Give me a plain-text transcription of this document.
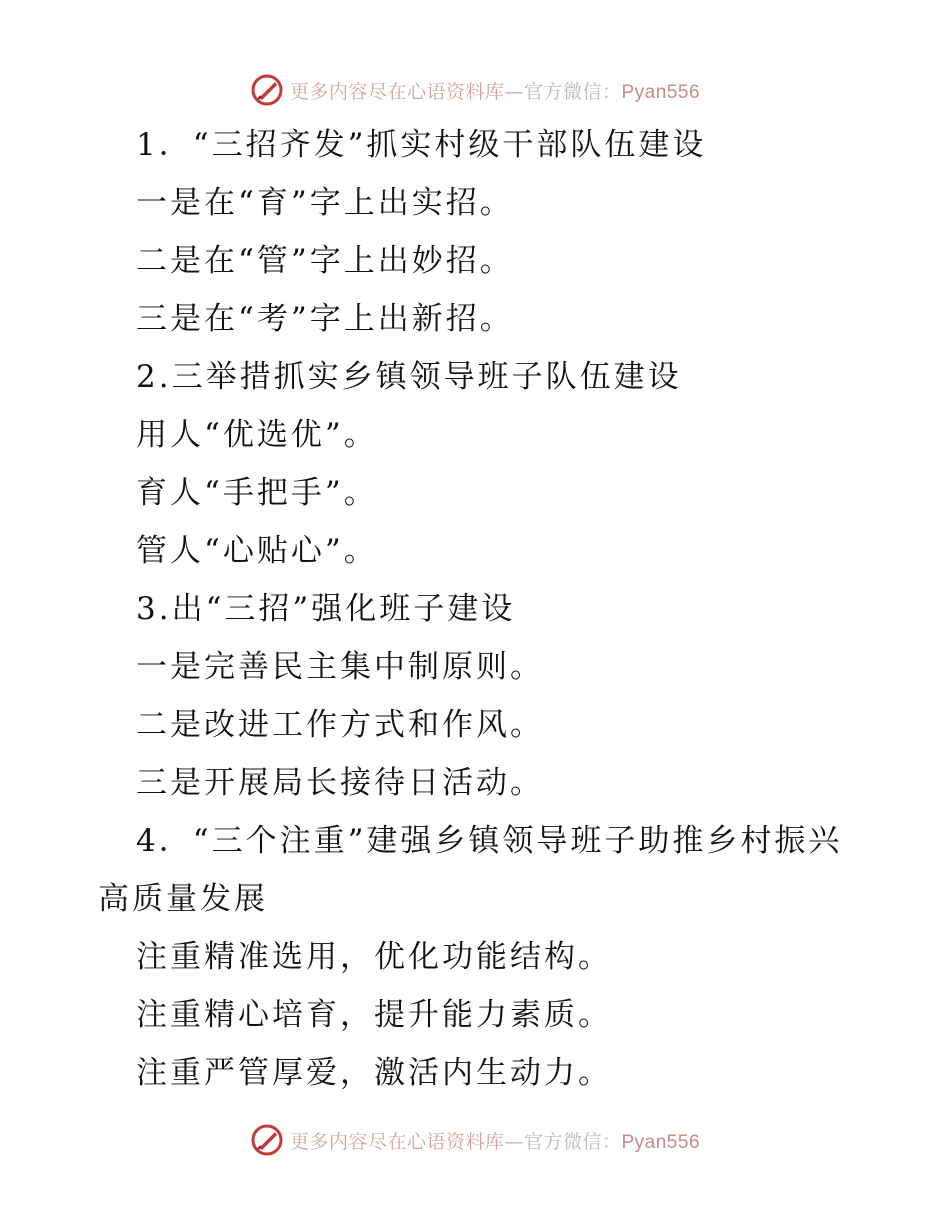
更多内容尽在心语资料库—官方微信：Pyan556
1．“三招齐发”抓实村级干部队伍建设
一是在“育”字上出实招。
二是在“管”字上出妙招。
三是在“考”字上出新招。
2.三举措抓实乡镇领导班子队伍建设
用人“优选优”。
育人“手把手”。
管人“心贴心”。
3.出“三招”强化班子建设
一是完善民主集中制原则。
二是改进工作方式和作风。
三是开展局长接待日活动。
4．“三个注重”建强乡镇领导班子助推乡村振兴
高质量发展
注重精准选用，优化功能结构。
注重精心培育，提升能力素质。
注重严管厚爱，激活内生动力。
更多内容尽在心语资料库—官方微信：Pyan556
